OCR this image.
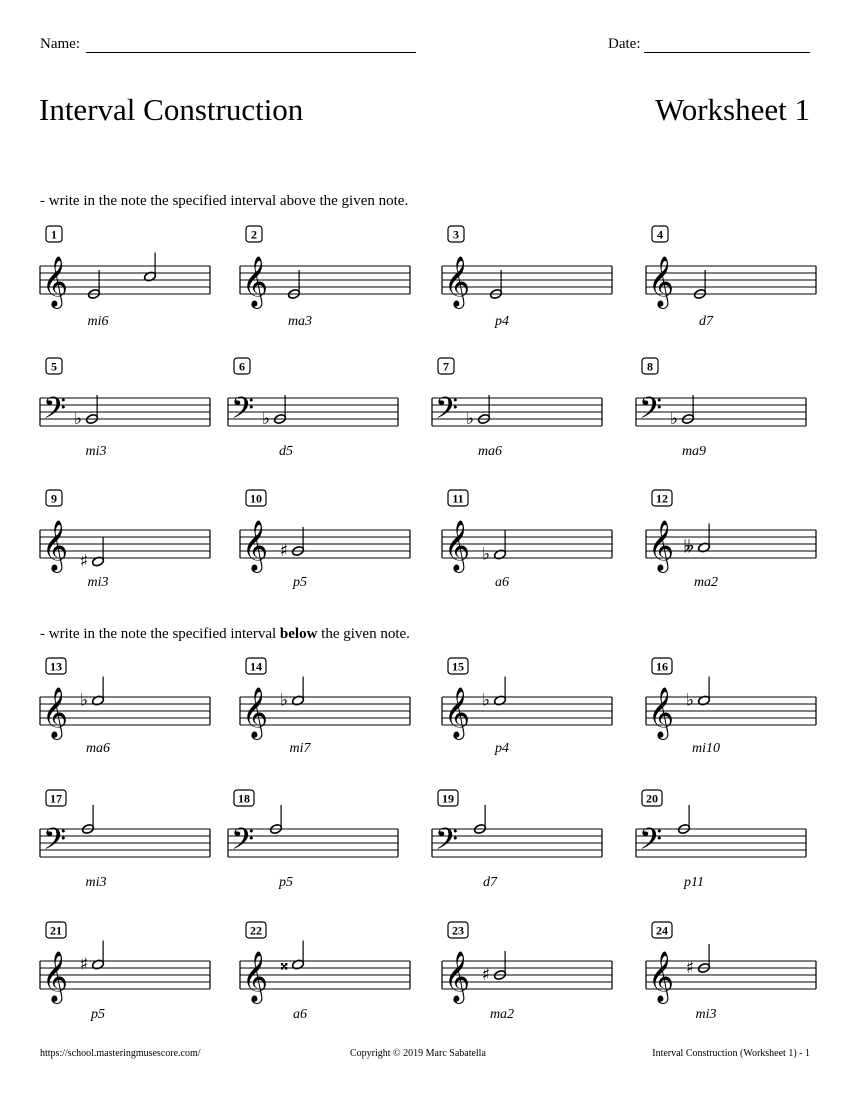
Name:	Date:
Interval Construction	Worksheet 1
- write in the note the specified interval above the given note.
- write in the note the specified interval below the given note.
1
𝄞
mi6
2
𝄞
ma3
3
𝄞
p4
4
𝄞
d7
5
𝄢 ♭
mi3
6
𝄢 ♭
d5
7
𝄢 ♭
ma6
8
𝄢 ♭
ma9
9
𝄞 ♯
mi3
10
𝄞 ♯
p5
11
𝄞 ♭
a6
12
𝄞 𝄫
ma2
13
𝄞 ♭
ma6
14
𝄞 ♭
mi7
15
𝄞 ♭
p4
16
𝄞 ♭
mi10
17
𝄢
mi3
18
𝄢
p5
19
𝄢
d7
20
𝄢
p11
21
𝄞 ♯
p5
22
𝄞 𝄪
a6
23
𝄞 ♯
ma2
24
𝄞 ♯
mi3
https://school.masteringmusescore.com/	Copyright © 2019 Marc Sabatella	Interval Construction (Worksheet 1) - 1
